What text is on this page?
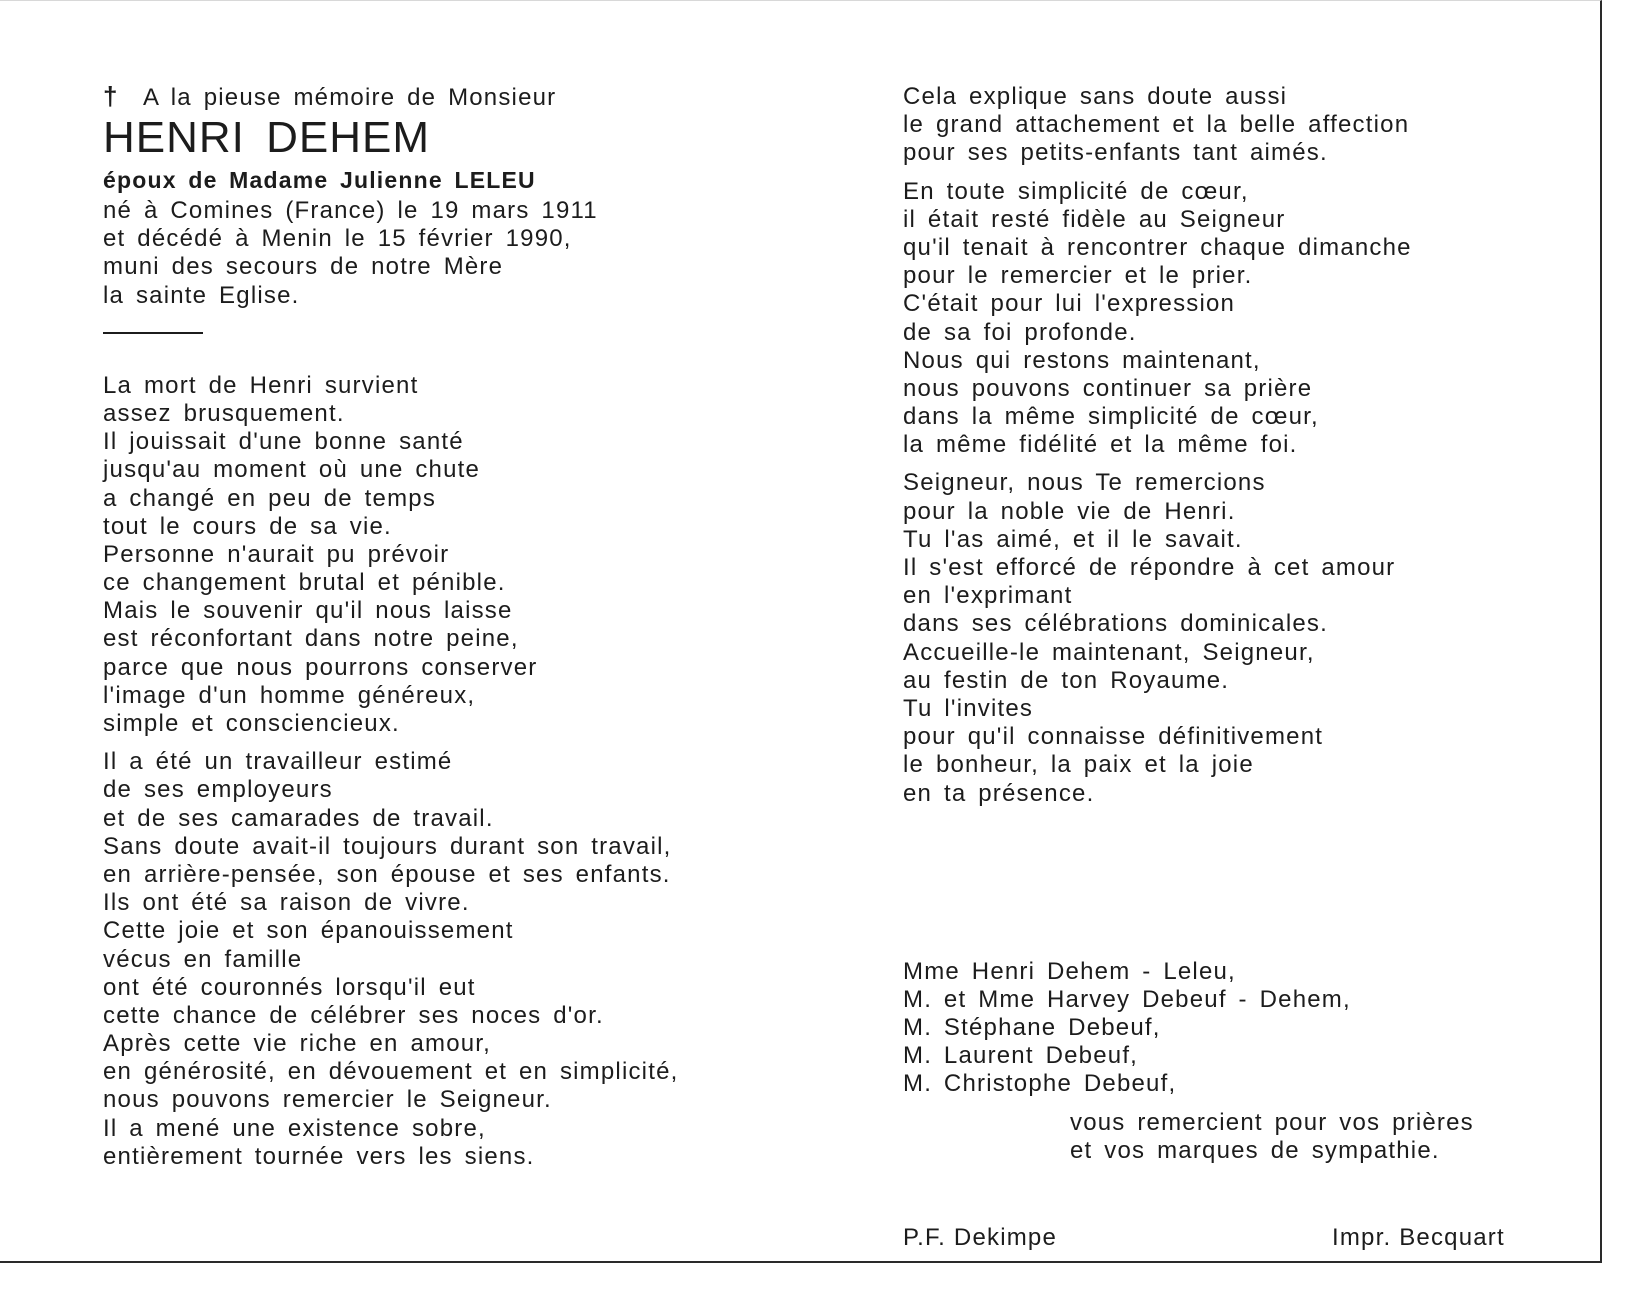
† A la pieuse mémoire de Monsieur
HENRI DEHEM
époux de Madame Julienne LELEU
né à Comines (France) le 19 mars 1911
et décédé à Menin le 15 février 1990,
muni des secours de notre Mère
la sainte Eglise.
La mort de Henri survient
assez brusquement.
Il jouissait d'une bonne santé
jusqu'au moment où une chute
a changé en peu de temps
tout le cours de sa vie.
Personne n'aurait pu prévoir
ce changement brutal et pénible.
Mais le souvenir qu'il nous laisse
est réconfortant dans notre peine,
parce que nous pourrons conserver
l'image d'un homme généreux,
simple et consciencieux.
Il a été un travailleur estimé
de ses employeurs
et de ses camarades de travail.
Sans doute avait-il toujours durant son travail,
en arrière-pensée, son épouse et ses enfants.
Ils ont été sa raison de vivre.
Cette joie et son épanouissement
vécus en famille
ont été couronnés lorsqu'il eut
cette chance de célébrer ses noces d'or.
Après cette vie riche en amour,
en générosité, en dévouement et en simplicité,
nous pouvons remercier le Seigneur.
Il a mené une existence sobre,
entièrement tournée vers les siens.
Cela explique sans doute aussi
le grand attachement et la belle affection
pour ses petits-enfants tant aimés.
En toute simplicité de cœur,
il était resté fidèle au Seigneur
qu'il tenait à rencontrer chaque dimanche
pour le remercier et le prier.
C'était pour lui l'expression
de sa foi profonde.
Nous qui restons maintenant,
nous pouvons continuer sa prière
dans la même simplicité de cœur,
la même fidélité et la même foi.
Seigneur, nous Te remercions
pour la noble vie de Henri.
Tu l'as aimé, et il le savait.
Il s'est efforcé de répondre à cet amour
en l'exprimant
dans ses célébrations dominicales.
Accueille-le maintenant, Seigneur,
au festin de ton Royaume.
Tu l'invites
pour qu'il connaisse définitivement
le bonheur, la paix et la joie
en ta présence.
Mme Henri Dehem - Leleu,
M. et Mme Harvey Debeuf - Dehem,
M. Stéphane Debeuf,
M. Laurent Debeuf,
M. Christophe Debeuf,
vous remercient pour vos prières
et vos marques de sympathie.
P.F. Dekimpe	Impr. Becquart
